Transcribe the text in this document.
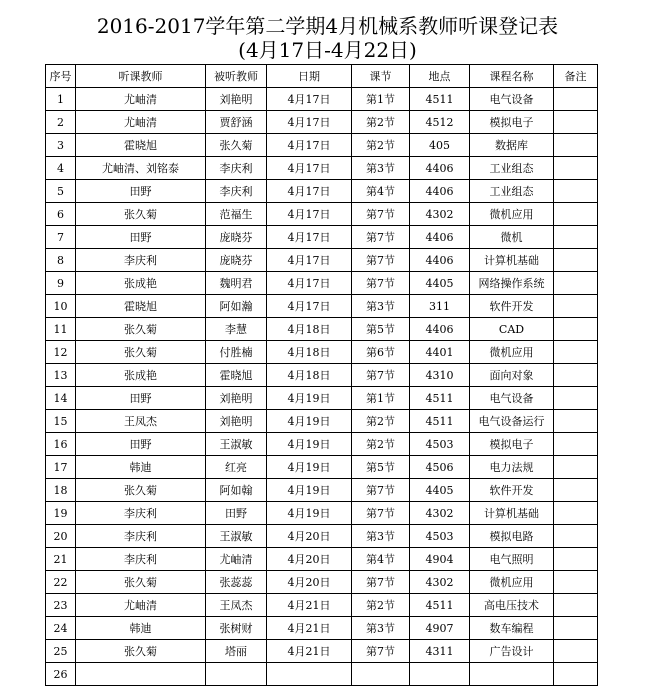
2016-2017学年第二学期4月机械系教师听课登记表
(4月17日-4月22日)
序号	听课教师	被听教师	日期	课节	地点	课程名称	备注
1	尤岫清	刘艳明	4月17日	第1节	4511	电气设备	
2	尤岫清	贾舒涵	4月17日	第2节	4512	模拟电子	
3	霍晓旭	张久菊	4月17日	第2节	405	数据库	
4	尤岫清、刘铭泰	李庆利	4月17日	第3节	4406	工业组态	
5	田野	李庆利	4月17日	第4节	4406	工业组态	
6	张久菊	范福生	4月17日	第7节	4302	微机应用	
7	田野	庞晓芬	4月17日	第7节	4406	微机	
8	李庆利	庞晓芬	4月17日	第7节	4406	计算机基础	
9	张成艳	魏明君	4月17日	第7节	4405	网络操作系统	
10	霍晓旭	阿如瀚	4月17日	第3节	311	软件开发	
11	张久菊	李慧	4月18日	第5节	4406	CAD	
12	张久菊	付胜楠	4月18日	第6节	4401	微机应用	
13	张成艳	霍晓旭	4月18日	第7节	4310	面向对象	
14	田野	刘艳明	4月19日	第1节	4511	电气设备	
15	王凤杰	刘艳明	4月19日	第2节	4511	电气设备运行	
16	田野	王淑敏	4月19日	第2节	4503	模拟电子	
17	韩迪	红亮	4月19日	第5节	4506	电力法规	
18	张久菊	阿如翰	4月19日	第7节	4405	软件开发	
19	李庆利	田野	4月19日	第7节	4302	计算机基础	
20	李庆利	王淑敏	4月20日	第3节	4503	模拟电路	
21	李庆利	尤岫清	4月20日	第4节	4904	电气照明	
22	张久菊	张蕊蕊	4月20日	第7节	4302	微机应用	
23	尤岫清	王凤杰	4月21日	第2节	4511	高电压技术	
24	韩迪	张树财	4月21日	第3节	4907	数车编程	
25	张久菊	塔丽	4月21日	第7节	4311	广告设计	
26							
